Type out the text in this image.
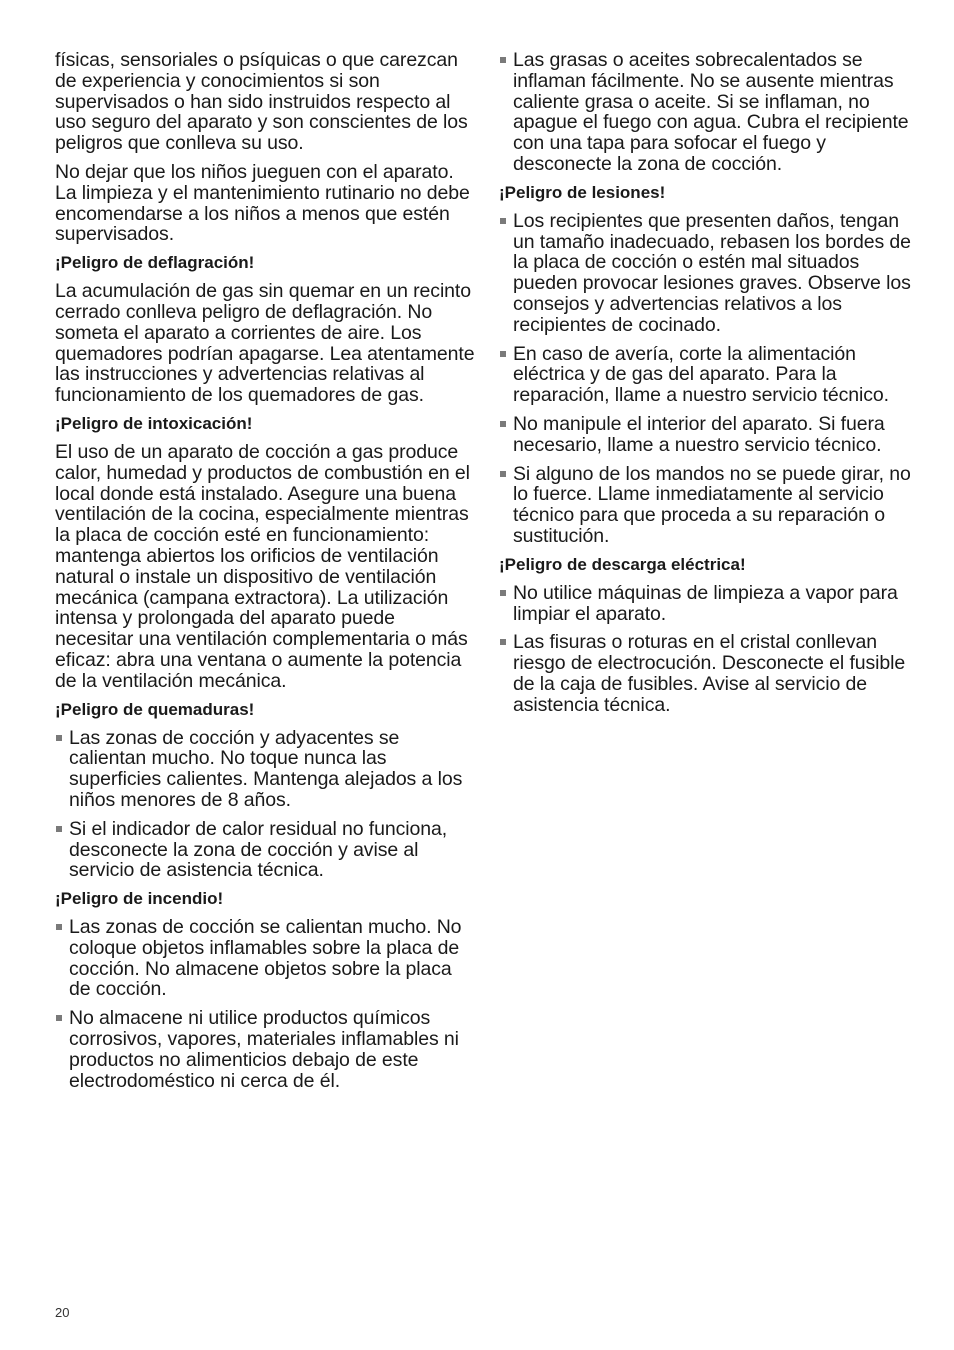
físicas, sensoriales o psíquicas o que carezcan de experiencia y conocimientos si son supervisados o han sido instruidos respecto al uso seguro del aparato y son conscientes de los peligros que conlleva su uso.

No dejar que los niños jueguen con el aparato. La limpieza y el mantenimiento rutinario no debe encomendarse a los niños a menos que estén supervisados.

¡Peligro de deflagración!

La acumulación de gas sin quemar en un recinto cerrado conlleva peligro de deflagración. No someta el aparato a corrientes de aire. Los quemadores podrían apagarse. Lea atentamente las instrucciones y advertencias relativas al funcionamiento de los quemadores de gas.

¡Peligro de intoxicación!

El uso de un aparato de cocción a gas produce calor, humedad y productos de combustión en el local donde está instalado. Asegure una buena ventilación de la cocina, especialmente mientras la placa de cocción esté en funcionamiento: mantenga abiertos los orificios de ventilación natural o instale un dispositivo de ventilación mecánica (campana extractora). La utilización intensa y prolongada del aparato puede necesitar una ventilación complementaria o más eficaz: abra una ventana o aumente la potencia de la ventilación mecánica.

¡Peligro de quemaduras!
Las zonas de cocción y adyacentes se calientan mucho. No toque nunca las superficies calientes. Mantenga alejados a los niños menores de 8 años.
Si el indicador de calor residual no funciona, desconecte la zona de cocción y avise al servicio de asistencia técnica.
¡Peligro de incendio!
Las zonas de cocción se calientan mucho. No coloque objetos inflamables sobre la placa de cocción. No almacene objetos sobre la placa de cocción.
No almacene ni utilice productos químicos corrosivos, vapores, materiales inflamables ni productos no alimenticios debajo de este electrodoméstico ni cerca de él.
Las grasas o aceites sobrecalentados se inflaman fácilmente. No se ausente mientras caliente grasa o aceite. Si se inflaman, no apague el fuego con agua. Cubra el recipiente con una tapa para sofocar el fuego y desconecte la zona de cocción.
¡Peligro de lesiones!
Los recipientes que presenten daños, tengan un tamaño inadecuado, rebasen los bordes de la placa de cocción o estén mal situados pueden provocar lesiones graves. Observe los consejos y advertencias relativos a los recipientes de cocinado.
En caso de avería, corte la alimentación eléctrica y de gas del aparato. Para la reparación, llame a nuestro servicio técnico.
No manipule el interior del aparato. Si fuera necesario, llame a nuestro servicio técnico.
Si alguno de los mandos no se puede girar, no lo fuerce. Llame inmediatamente al servicio técnico para que proceda a su reparación o sustitución.
¡Peligro de descarga eléctrica!
No utilice máquinas de limpieza a vapor para limpiar el aparato.
Las fisuras o roturas en el cristal conllevan riesgo de electrocución. Desconecte el fusible de la caja de fusibles. Avise al servicio de asistencia técnica.
20
